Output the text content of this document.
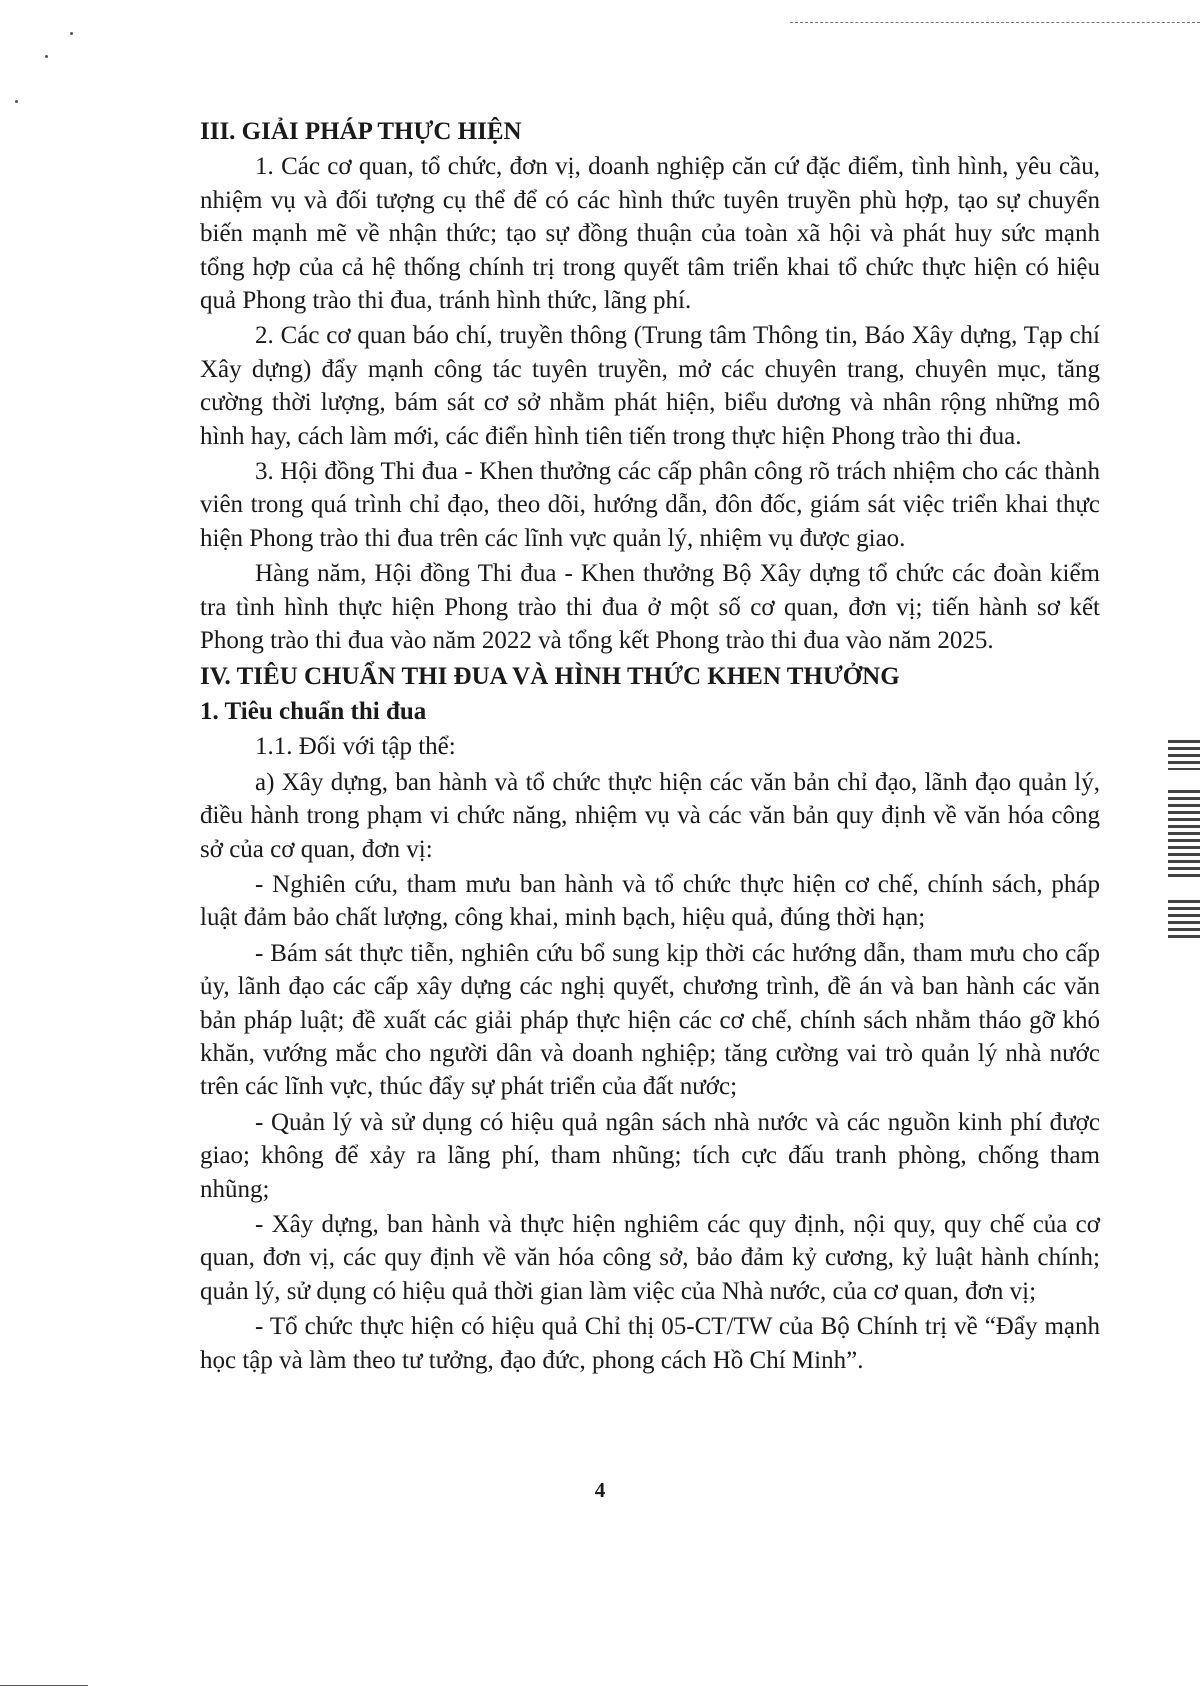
III. GIẢI PHÁP THỰC HIỆN

1. Các cơ quan, tổ chức, đơn vị, doanh nghiệp căn cứ đặc điểm, tình hình, yêu cầu, nhiệm vụ và đối tượng cụ thể để có các hình thức tuyên truyền phù hợp, tạo sự chuyển biến mạnh mẽ về nhận thức; tạo sự đồng thuận của toàn xã hội và phát huy sức mạnh tổng hợp của cả hệ thống chính trị trong quyết tâm triển khai tổ chức thực hiện có hiệu quả Phong trào thi đua, tránh hình thức, lãng phí.

2. Các cơ quan báo chí, truyền thông (Trung tâm Thông tin, Báo Xây dựng, Tạp chí Xây dựng) đẩy mạnh công tác tuyên truyền, mở các chuyên trang, chuyên mục, tăng cường thời lượng, bám sát cơ sở nhằm phát hiện, biểu dương và nhân rộng những mô hình hay, cách làm mới, các điển hình tiên tiến trong thực hiện Phong trào thi đua.

3. Hội đồng Thi đua - Khen thưởng các cấp phân công rõ trách nhiệm cho các thành viên trong quá trình chỉ đạo, theo dõi, hướng dẫn, đôn đốc, giám sát việc triển khai thực hiện Phong trào thi đua trên các lĩnh vực quản lý, nhiệm vụ được giao.

Hàng năm, Hội đồng Thi đua - Khen thưởng Bộ Xây dựng tổ chức các đoàn kiểm tra tình hình thực hiện Phong trào thi đua ở một số cơ quan, đơn vị; tiến hành sơ kết Phong trào thi đua vào năm 2022 và tổng kết Phong trào thi đua vào năm 2025.

IV. TIÊU CHUẨN THI ĐUA VÀ HÌNH THỨC KHEN THƯỞNG

1. Tiêu chuẩn thi đua

1.1. Đối với tập thể:

a) Xây dựng, ban hành và tổ chức thực hiện các văn bản chỉ đạo, lãnh đạo quản lý, điều hành trong phạm vi chức năng, nhiệm vụ và các văn bản quy định về văn hóa công sở của cơ quan, đơn vị:

- Nghiên cứu, tham mưu ban hành và tổ chức thực hiện cơ chế, chính sách, pháp luật đảm bảo chất lượng, công khai, minh bạch, hiệu quả, đúng thời hạn;

- Bám sát thực tiễn, nghiên cứu bổ sung kịp thời các hướng dẫn, tham mưu cho cấp ủy, lãnh đạo các cấp xây dựng các nghị quyết, chương trình, đề án và ban hành các văn bản pháp luật; đề xuất các giải pháp thực hiện các cơ chế, chính sách nhằm tháo gỡ khó khăn, vướng mắc cho người dân và doanh nghiệp; tăng cường vai trò quản lý nhà nước trên các lĩnh vực, thúc đẩy sự phát triển của đất nước;

- Quản lý và sử dụng có hiệu quả ngân sách nhà nước và các nguồn kinh phí được giao; không để xảy ra lãng phí, tham nhũng; tích cực đấu tranh phòng, chống tham nhũng;

- Xây dựng, ban hành và thực hiện nghiêm các quy định, nội quy, quy chế của cơ quan, đơn vị, các quy định về văn hóa công sở, bảo đảm kỷ cương, kỷ luật hành chính; quản lý, sử dụng có hiệu quả thời gian làm việc của Nhà nước, của cơ quan, đơn vị;

- Tổ chức thực hiện có hiệu quả Chỉ thị 05-CT/TW của Bộ Chính trị về “Đẩy mạnh học tập và làm theo tư tưởng, đạo đức, phong cách Hồ Chí Minh”.

4
